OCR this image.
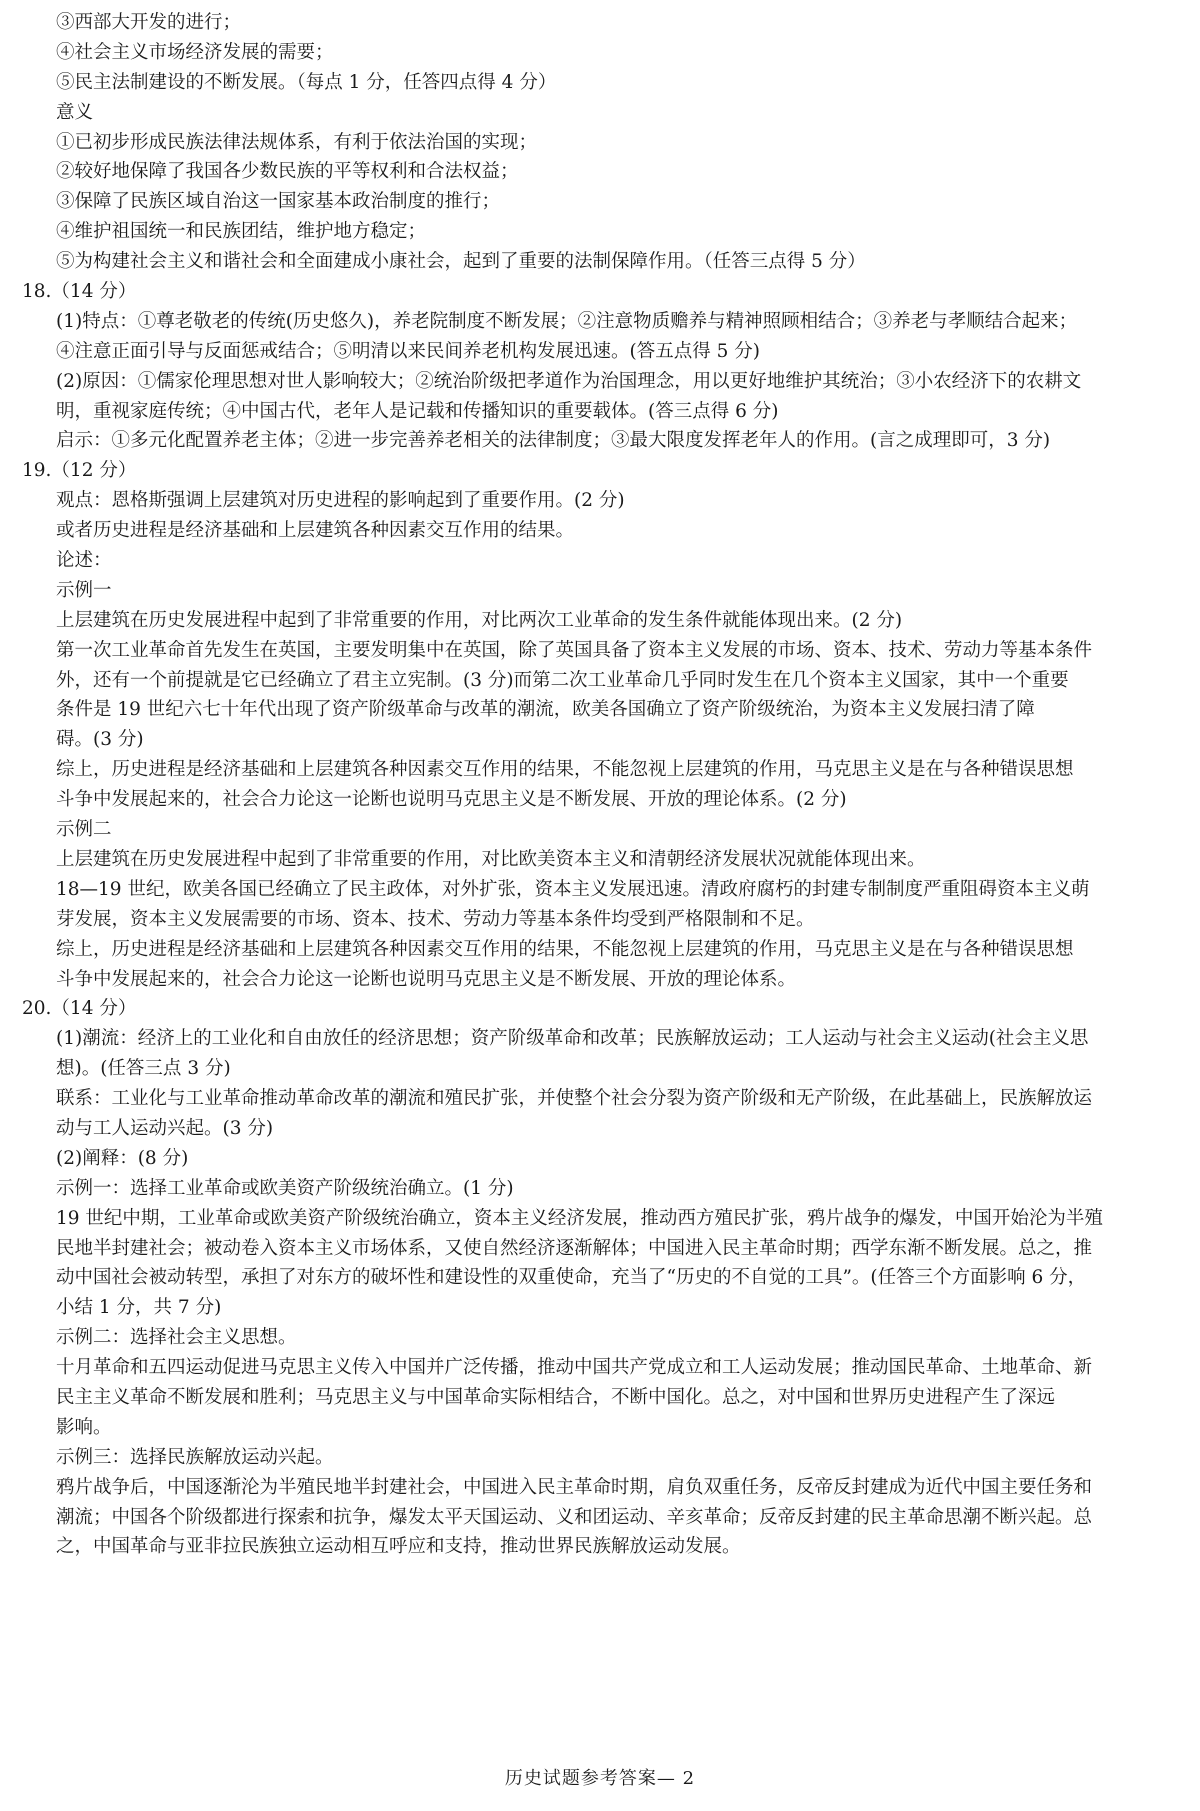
③西部大开发的进行；
④社会主义市场经济发展的需要；
⑤民主法制建设的不断发展。（每点 1 分，任答四点得 4 分）
意义
①已初步形成民族法律法规体系，有利于依法治国的实现；
②较好地保障了我国各少数民族的平等权利和合法权益；
③保障了民族区域自治这一国家基本政治制度的推行；
④维护祖国统一和民族团结，维护地方稳定；
⑤为构建社会主义和谐社会和全面建成小康社会，起到了重要的法制保障作用。（任答三点得 5 分）
18.（14 分）
(1)特点：①尊老敬老的传统(历史悠久)，养老院制度不断发展；②注意物质赡养与精神照顾相结合；③养老与孝顺结合起来；
④注意正面引导与反面惩戒结合；⑤明清以来民间养老机构发展迅速。(答五点得 5 分)
(2)原因：①儒家伦理思想对世人影响较大；②统治阶级把孝道作为治国理念，用以更好地维护其统治；③小农经济下的农耕文
明，重视家庭传统；④中国古代，老年人是记载和传播知识的重要载体。(答三点得 6 分)
启示：①多元化配置养老主体；②进一步完善养老相关的法律制度；③最大限度发挥老年人的作用。(言之成理即可，3 分)
19.（12 分）
观点：恩格斯强调上层建筑对历史进程的影响起到了重要作用。(2 分)
或者历史进程是经济基础和上层建筑各种因素交互作用的结果。
论述：
示例一
上层建筑在历史发展进程中起到了非常重要的作用，对比两次工业革命的发生条件就能体现出来。(2 分)
第一次工业革命首先发生在英国，主要发明集中在英国，除了英国具备了资本主义发展的市场、资本、技术、劳动力等基本条件
外，还有一个前提就是它已经确立了君主立宪制。(3 分)而第二次工业革命几乎同时发生在几个资本主义国家，其中一个重要
条件是 19 世纪六七十年代出现了资产阶级革命与改革的潮流，欧美各国确立了资产阶级统治，为资本主义发展扫清了障
碍。(3 分)
综上，历史进程是经济基础和上层建筑各种因素交互作用的结果，不能忽视上层建筑的作用，马克思主义是在与各种错误思想
斗争中发展起来的，社会合力论这一论断也说明马克思主义是不断发展、开放的理论体系。(2 分)
示例二
上层建筑在历史发展进程中起到了非常重要的作用，对比欧美资本主义和清朝经济发展状况就能体现出来。
18—19 世纪，欧美各国已经确立了民主政体，对外扩张，资本主义发展迅速。清政府腐朽的封建专制制度严重阻碍资本主义萌
芽发展，资本主义发展需要的市场、资本、技术、劳动力等基本条件均受到严格限制和不足。
综上，历史进程是经济基础和上层建筑各种因素交互作用的结果，不能忽视上层建筑的作用，马克思主义是在与各种错误思想
斗争中发展起来的，社会合力论这一论断也说明马克思主义是不断发展、开放的理论体系。
20.（14 分）
(1)潮流：经济上的工业化和自由放任的经济思想；资产阶级革命和改革；民族解放运动；工人运动与社会主义运动(社会主义思
想)。(任答三点 3 分)
联系：工业化与工业革命推动革命改革的潮流和殖民扩张，并使整个社会分裂为资产阶级和无产阶级，在此基础上，民族解放运
动与工人运动兴起。(3 分)
(2)阐释：(8 分)
示例一：选择工业革命或欧美资产阶级统治确立。(1 分)
19 世纪中期，工业革命或欧美资产阶级统治确立，资本主义经济发展，推动西方殖民扩张，鸦片战争的爆发，中国开始沦为半殖
民地半封建社会；被动卷入资本主义市场体系，又使自然经济逐渐解体；中国进入民主革命时期；西学东渐不断发展。总之，推
动中国社会被动转型，承担了对东方的破坏性和建设性的双重使命，充当了“历史的不自觉的工具”。(任答三个方面影响 6 分，
小结 1 分，共 7 分)
示例二：选择社会主义思想。
十月革命和五四运动促进马克思主义传入中国并广泛传播，推动中国共产党成立和工人运动发展；推动国民革命、土地革命、新
民主主义革命不断发展和胜利；马克思主义与中国革命实际相结合，不断中国化。总之，对中国和世界历史进程产生了深远
影响。
示例三：选择民族解放运动兴起。
鸦片战争后，中国逐渐沦为半殖民地半封建社会，中国进入民主革命时期，肩负双重任务，反帝反封建成为近代中国主要任务和
潮流；中国各个阶级都进行探索和抗争，爆发太平天国运动、义和团运动、辛亥革命；反帝反封建的民主革命思潮不断兴起。总
之，中国革命与亚非拉民族独立运动相互呼应和支持，推动世界民族解放运动发展。
历史试题参考答案— 2
